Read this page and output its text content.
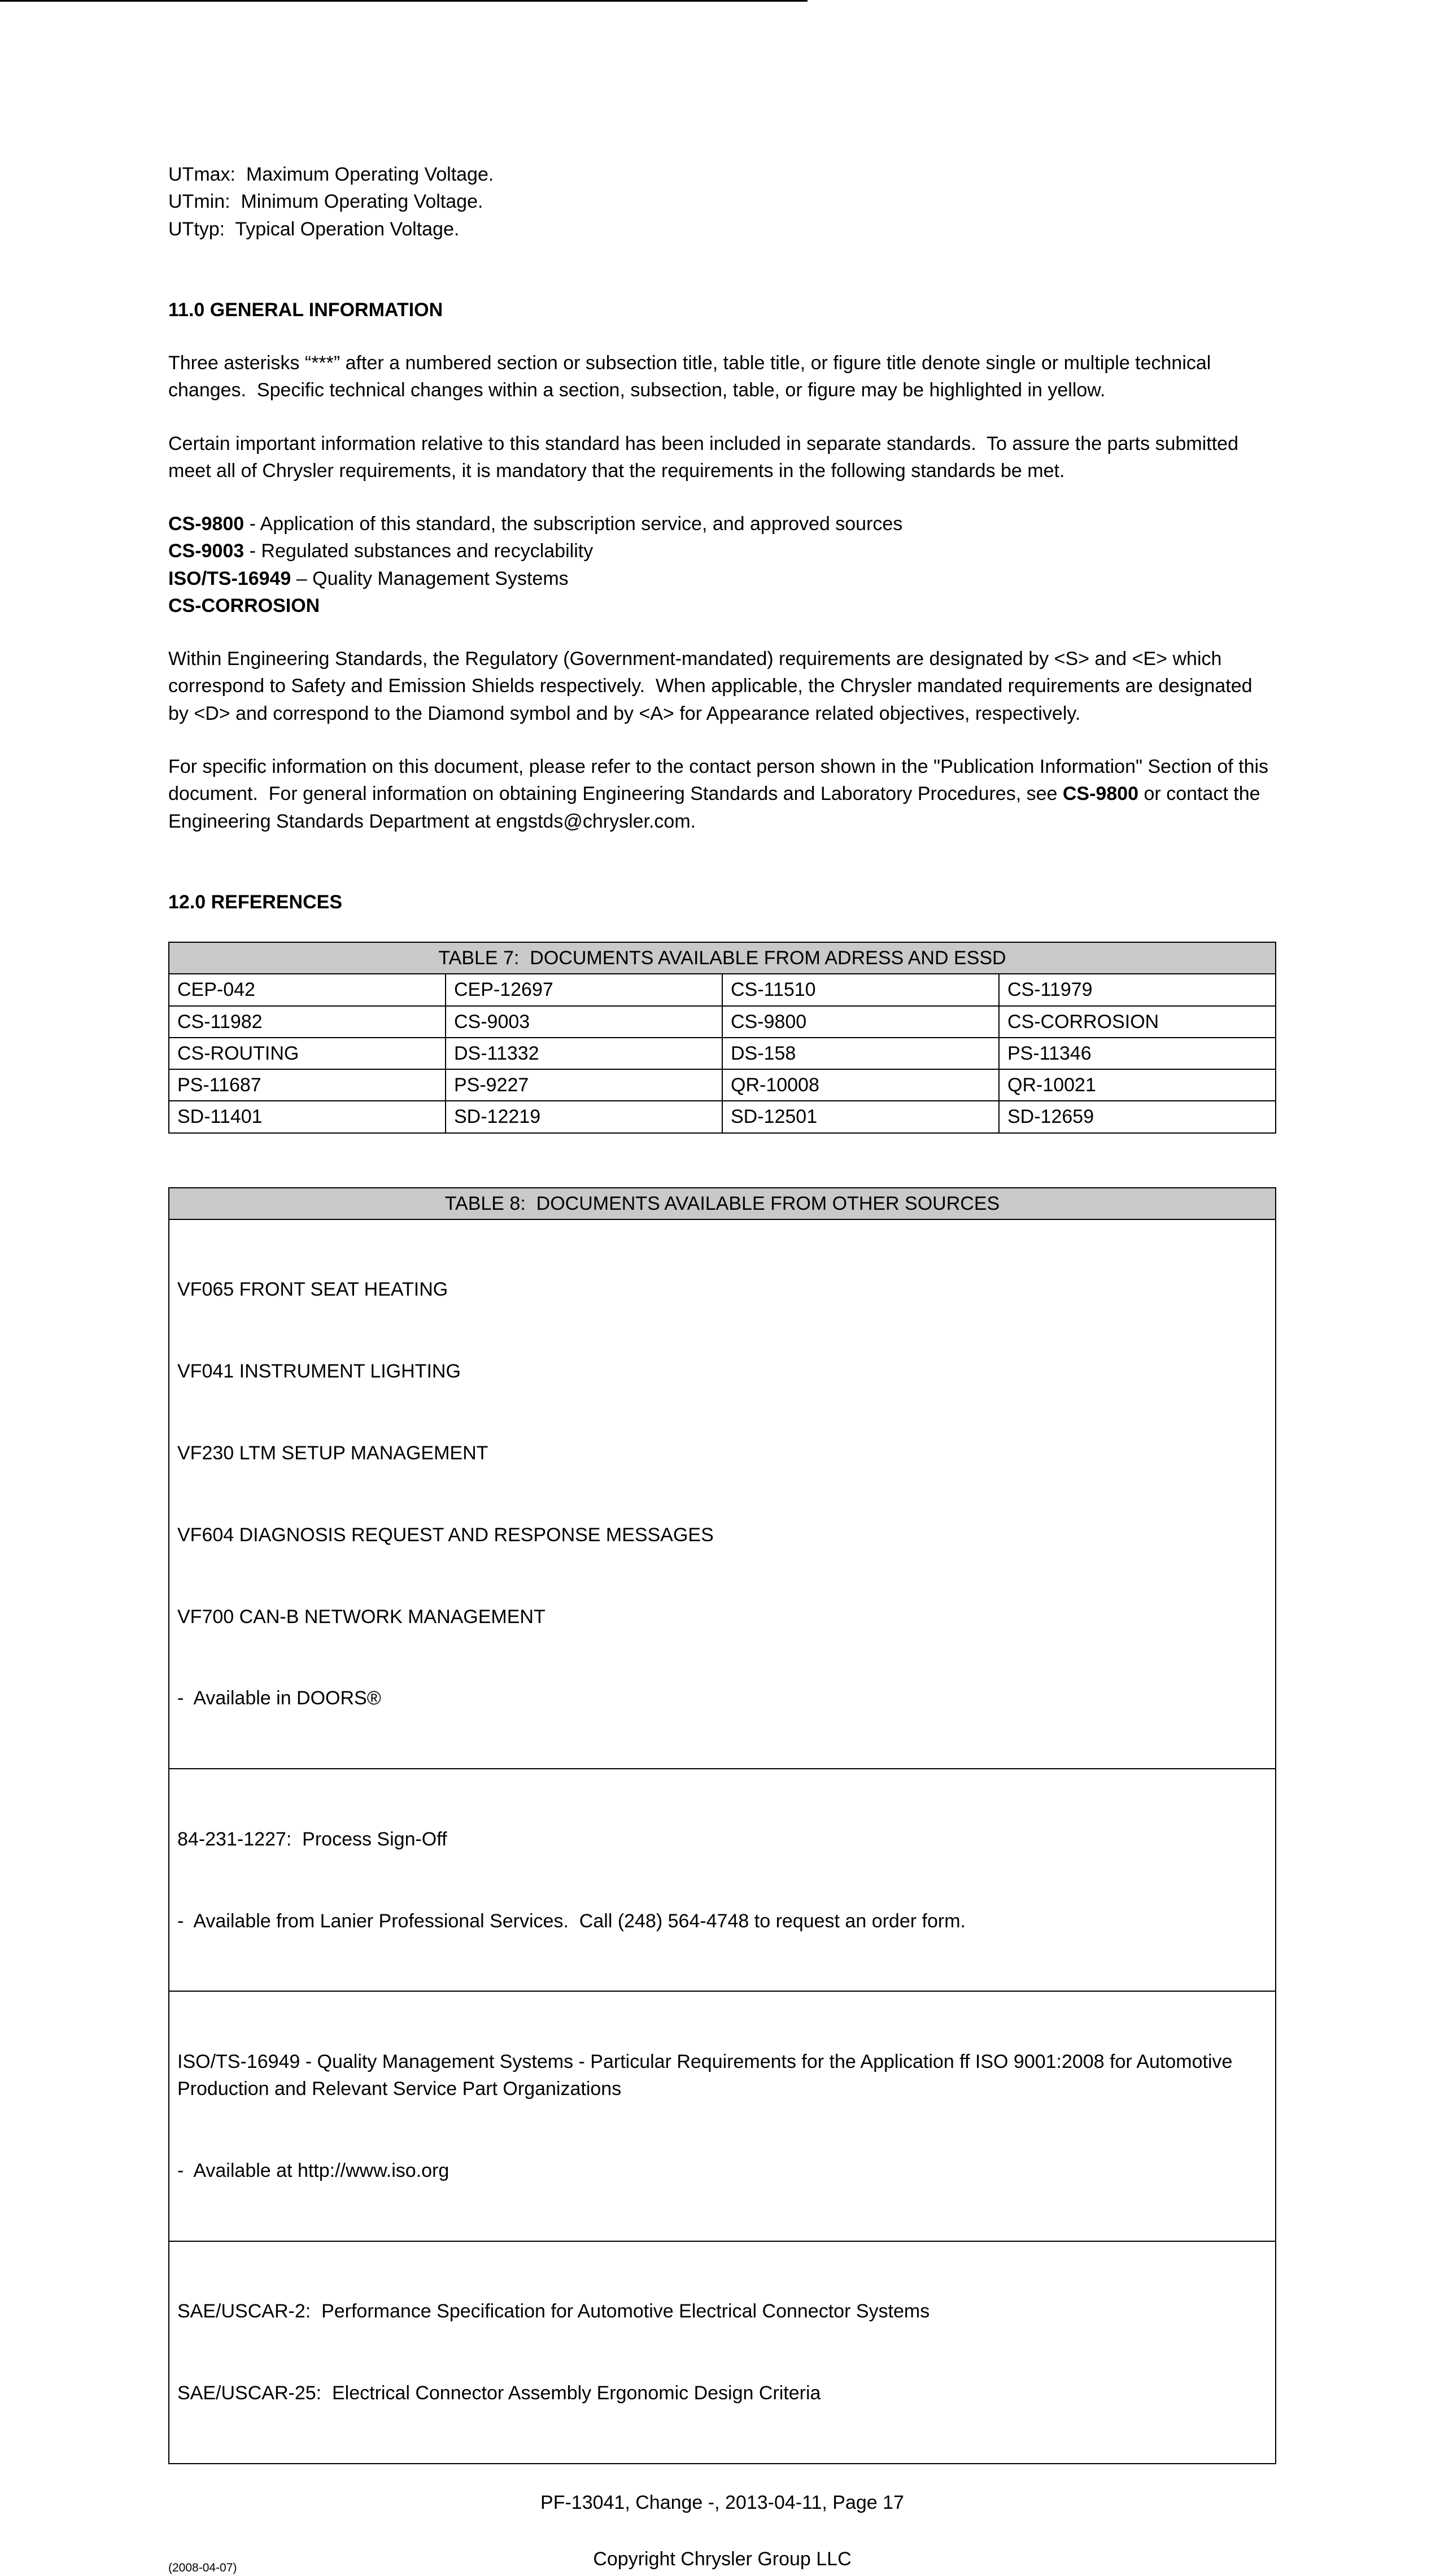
UTmax:  Maximum Operating Voltage.
UTmin:  Minimum Operating Voltage.
UTtyp:  Typical Operation Voltage.
11.0 GENERAL INFORMATION

Three asterisks “***” after a numbered section or subsection title, table title, or figure title denote single or multiple technical changes.  Specific technical changes within a section, subsection, table, or figure may be highlighted in yellow.

Certain important information relative to this standard has been included in separate standards.  To assure the parts submitted meet all of Chrysler requirements, it is mandatory that the requirements in the following standards be met.

CS-9800 - Application of this standard, the subscription service, and approved sources
CS-9003 - Regulated substances and recyclability
ISO/TS-16949 – Quality Management Systems
CS-CORROSION

Within Engineering Standards, the Regulatory (Government-mandated) requirements are designated by <S> and <E> which correspond to Safety and Emission Shields respectively.  When applicable, the Chrysler mandated requirements are designated by <D> and correspond to the Diamond symbol and by <A> for Appearance related objectives, respectively.

For specific information on this document, please refer to the contact person shown in the "Publication Information" Section of this document.  For general information on obtaining Engineering Standards and Laboratory Procedures, see CS-9800 or contact the Engineering Standards Department at engstds@chrysler.com.

12.0 REFERENCES
TABLE 7:  DOCUMENTS AVAILABLE FROM ADRESS AND ESSD			
CEP-042	CEP-12697	CS-11510	CS-11979
CS-11982	CS-9003	CS-9800	CS-CORROSION
CS-ROUTING	DS-11332	DS-158	PS-11346
PS-11687	PS-9227	QR-10008	QR-10021
SD-11401	SD-12219	SD-12501	SD-12659
TABLE 8:  DOCUMENTS AVAILABLE FROM OTHER SOURCES

VF065 FRONT SEAT HEATING

VF041 INSTRUMENT LIGHTING

VF230 LTM SETUP MANAGEMENT

VF604 DIAGNOSIS REQUEST AND RESPONSE MESSAGES

VF700 CAN-B NETWORK MANAGEMENT

-  Available in DOORS®

84-231-1227:  Process Sign-Off

-  Available from Lanier Professional Services.  Call (248) 564-4748 to request an order form.

ISO/TS-16949 - Quality Management Systems - Particular Requirements for the Application ff ISO 9001:2008 for Automotive Production and Relevant Service Part Organizations

-  Available at http://www.iso.org

SAE/USCAR-2:  Performance Specification for Automotive Electrical Connector Systems

SAE/USCAR-25:  Electrical Connector Assembly Ergonomic Design Criteria

PF-13041, Change -, 2013-04-11, Page 17
Copyright Chrysler Group LLC
(2008-04-07)
